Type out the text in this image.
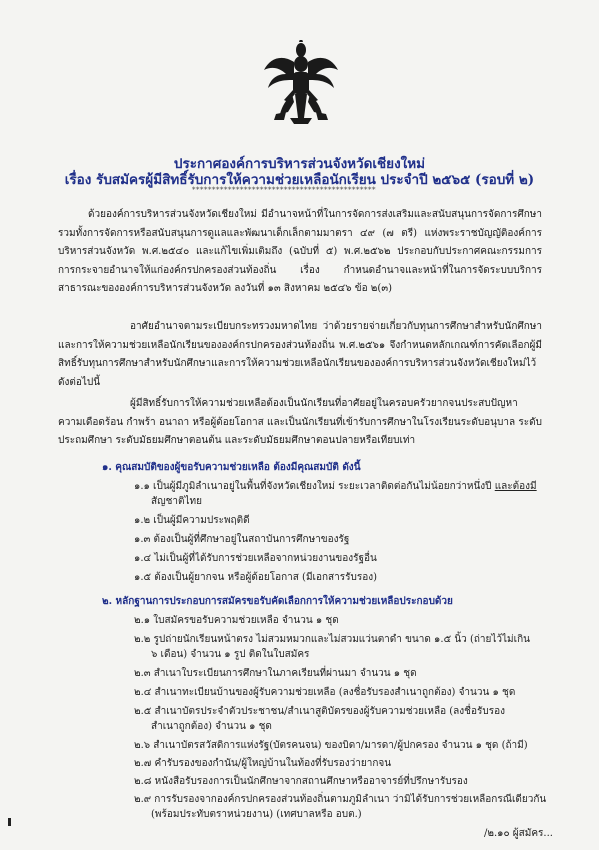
ประกาศองค์การบริหารส่วนจังหวัดเชียงใหม่
เรื่อง รับสมัครผู้มีสิทธิ์รับการให้ความช่วยเหลือนักเรียน ประจำปี ๒๕๖๕ (รอบที่ ๒)
**********************************************
ด้วยองค์การบริหารส่วนจังหวัดเชียงใหม่ มีอำนาจหน้าที่ในการจัดการส่งเสริมและสนับสนุนการจัดการศึกษา รวมทั้งการจัดการหรือสนับสนุนการดูแลและพัฒนาเด็กเล็กตามมาตรา ๔๙ (๗ ตรี) แห่งพระราชบัญญัติองค์การบริหารส่วนจังหวัด พ.ศ.๒๕๔๐ และแก้ไขเพิ่มเติมถึง (ฉบับที่ ๕) พ.ศ.๒๕๖๒ ประกอบกับประกาศคณะกรรมการการกระจายอำนาจให้แก่องค์กรปกครองส่วนท้องถิ่น เรื่อง กำหนดอำนาจและหน้าที่ในการจัดระบบบริการสาธารณะขององค์การบริหารส่วนจังหวัด ลงวันที่ ๑๓ สิงหาคม ๒๕๔๖ ข้อ ๒(๓)
อาศัยอำนาจตามระเบียบกระทรวงมหาดไทย ว่าด้วยรายจ่ายเกี่ยวกับทุนการศึกษาสำหรับนักศึกษาและการให้ความช่วยเหลือนักเรียนขององค์กรปกครองส่วนท้องถิ่น พ.ศ.๒๕๖๑ จึงกำหนดหลักเกณฑ์การคัดเลือกผู้มีสิทธิ์รับทุนการศึกษาสำหรับนักศึกษาและการให้ความช่วยเหลือนักเรียนขององค์การบริหารส่วนจังหวัดเชียงใหม่ไว้ ดังต่อไปนี้
ผู้มีสิทธิ์รับการให้ความช่วยเหลือต้องเป็นนักเรียนที่อาศัยอยู่ในครอบครัวยากจนประสบปัญหาความเดือดร้อน กำพร้า อนาถา หรือผู้ด้อยโอกาส และเป็นนักเรียนที่เข้ารับการศึกษาในโรงเรียนระดับอนุบาล ระดับประถมศึกษา ระดับมัธยมศึกษาตอนต้น และระดับมัธยมศึกษาตอนปลายหรือเทียบเท่า
๑. คุณสมบัติของผู้ขอรับความช่วยเหลือ ต้องมีคุณสมบัติ ดังนี้
๑.๑ เป็นผู้มีภูมิลำเนาอยู่ในพื้นที่จังหวัดเชียงใหม่ ระยะเวลาติดต่อกันไม่น้อยกว่าหนึ่งปี และต้องมี
สัญชาติไทย
๑.๒ เป็นผู้มีความประพฤติดี
๑.๓ ต้องเป็นผู้ที่ศึกษาอยู่ในสถาบันการศึกษาของรัฐ
๑.๔ ไม่เป็นผู้ที่ได้รับการช่วยเหลือจากหน่วยงานของรัฐอื่น
๑.๕ ต้องเป็นผู้ยากจน หรือผู้ด้อยโอกาส (มีเอกสารรับรอง)
๒. หลักฐานการประกอบการสมัครขอรับคัดเลือกการให้ความช่วยเหลือประกอบด้วย
๒.๑ ใบสมัครขอรับความช่วยเหลือ จำนวน ๑ ชุด
๒.๒ รูปถ่ายนักเรียนหน้าตรง ไม่สวมหมวกและไม่สวมแว่นตาดำ ขนาด ๑.๕ นิ้ว (ถ่ายไว้ไม่เกิน
๖ เดือน) จำนวน ๑ รูป ติดในใบสมัคร
๒.๓ สำเนาใบระเบียนการศึกษาในภาคเรียนที่ผ่านมา จำนวน ๑ ชุด
๒.๔ สำเนาทะเบียนบ้านของผู้รับความช่วยเหลือ (ลงชื่อรับรองสำเนาถูกต้อง) จำนวน ๑ ชุด
๒.๕ สำเนาบัตรประจำตัวประชาชน/สำเนาสูติบัตรของผู้รับความช่วยเหลือ (ลงชื่อรับรอง
สำเนาถูกต้อง) จำนวน ๑ ชุด
๒.๖ สำเนาบัตรสวัสดิการแห่งรัฐ(บัตรคนจน) ของบิดา/มารดา/ผู้ปกครอง จำนวน ๑ ชุด (ถ้ามี)
๒.๗ คำรับรองของกำนัน/ผู้ใหญ่บ้านในท้องที่รับรองว่ายากจน
๒.๘ หนังสือรับรองการเป็นนักศึกษาจากสถานศึกษาหรืออาจารย์ที่ปรึกษารับรอง
๒.๙ การรับรองจากองค์กรปกครองส่วนท้องถิ่นตามภูมิลำเนา ว่ามิได้รับการช่วยเหลือกรณีเดียวกัน
(พร้อมประทับตราหน่วยงาน) (เทศบาลหรือ อบต.)
/๒.๑๐ ผู้สมัคร...
